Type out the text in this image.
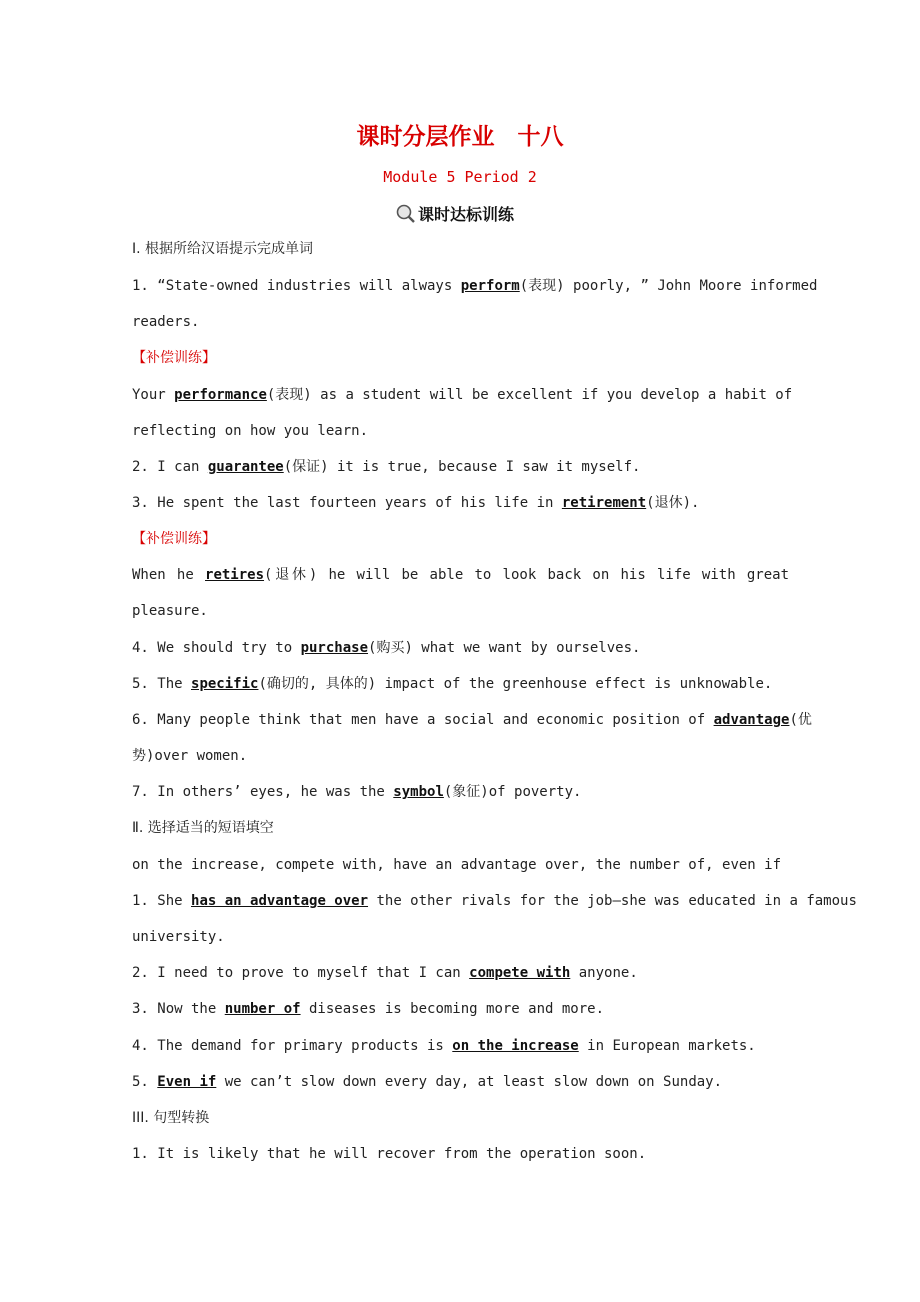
课时分层作业　十八
Module 5 Period 2
课时达标训练
Ⅰ. 根据所给汉语提示完成单词
1. “State-owned industries will always perform(表现) poorly, ” John Moore informed
readers.
【补偿训练】
Your performance(表现) as a student will be excellent if you develop a habit of
reflecting on how you learn.
2. I can guarantee(保证) it is true, because I saw it myself.
3. He spent the last fourteen years of his life in retirement(退休).
【补偿训练】
When he retires(退休) he will be able to look back on his life with great
pleasure.
4. We should try to purchase(购买) what we want by ourselves.
5. The specific(确切的, 具体的) impact of the greenhouse effect is unknowable.
6. Many people think that men have a social and economic position of advantage(优
势)over women.
7. In others’ eyes, he was the symbol(象征)of poverty.
Ⅱ. 选择适当的短语填空
on the increase, compete with, have an advantage over, the number of, even if
1. She has an advantage over the other rivals for the job—she was educated in a famous
university.
2. I need to prove to myself that I can compete with anyone.
3. Now the number of diseases is becoming more and more.
4. The demand for primary products is on the increase in European markets.
5. Even if we can’t slow down every day, at least slow down on Sunday.
III. 句型转换
1. It is likely that he will recover from the operation soon.
